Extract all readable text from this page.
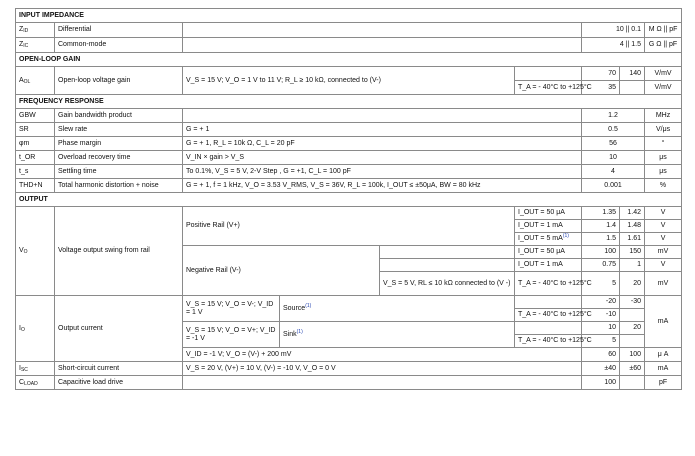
INPUT IMPEDANCE								
$Z_{ID}$	Differential					10 || 0.1		M Ω || pF
$Z_{IC}$	Common-mode					4 || 1.5		G Ω || pF
OPEN-LOOP GAIN								
$A_{OL}$	Open-loop voltage gain	V_S = 15 V; V_O = 1 V to 11 V; R_L ≥ 10 kΩ, connected to (V-)				70	140	V/mV
					T_A = - 40°C to +125°C	35		V/mV
FREQUENCY RESPONSE								
GBW	Gain bandwidth product					1.2		MHz
SR	Slew rate	G = + 1				0.5		V/μs
φm	Phase margin	G = + 1, R_L = 10k Ω, C_L = 20 pF				56		°
t_OR	Overload recovery time	V_IN × gain > V_S				10		μs
t_s	Settling time	To 0.1%, V_S = 5 V, 2-V Step , G = +1, C_L = 100 pF				4		μs
THD+N	Total harmonic distortion + noise	G = + 1, f = 1 kHz, V_O = 3.53 V_RMS, V_S = 36V, R_L = 100k, I_OUT ≤ ±50μA, BW = 80 kHz				0.001		%
OUTPUT								
$V_O$	Voltage output swing from rail	Positive Rail (V+)			I_OUT = 50 μA	1.35	1.42	V
					I_OUT = 1 mA	1.4	1.48	V
					I_OUT = 5 mA$^{(1)}$	1.5	1.61	V
		Negative Rail (V-)			I_OUT = 50 μA	100	150	mV
					I_OUT = 1 mA	0.75	1	V
				V_S = 5 V, RL ≤ 10 kΩ connected to (V -)	T_A = - 40°C to +125°C	5	20	mV
$I_O$	Output current	V_S = 15 V; V_O = V-; V_ID = 1 V	Source$^{(1)}$			-20	-30	mA
					T_A = - 40°C to +125°C	-10		
		V_S = 15 V; V_O = V+; V_ID = -1 V	Sink$^{(1)}$			10	20	
					T_A = - 40°C to +125°C	5		
		V_ID = -1 V; V_O = (V-) + 200 mV				60	100	μ A
$I_{SC}$	Short-circuit current	V_S = 20 V, (V+) = 10 V, (V-) = -10 V, V_O = 0 V				±40	±60	mA
$C_{LOAD}$	Capacitive load drive					100		pF
